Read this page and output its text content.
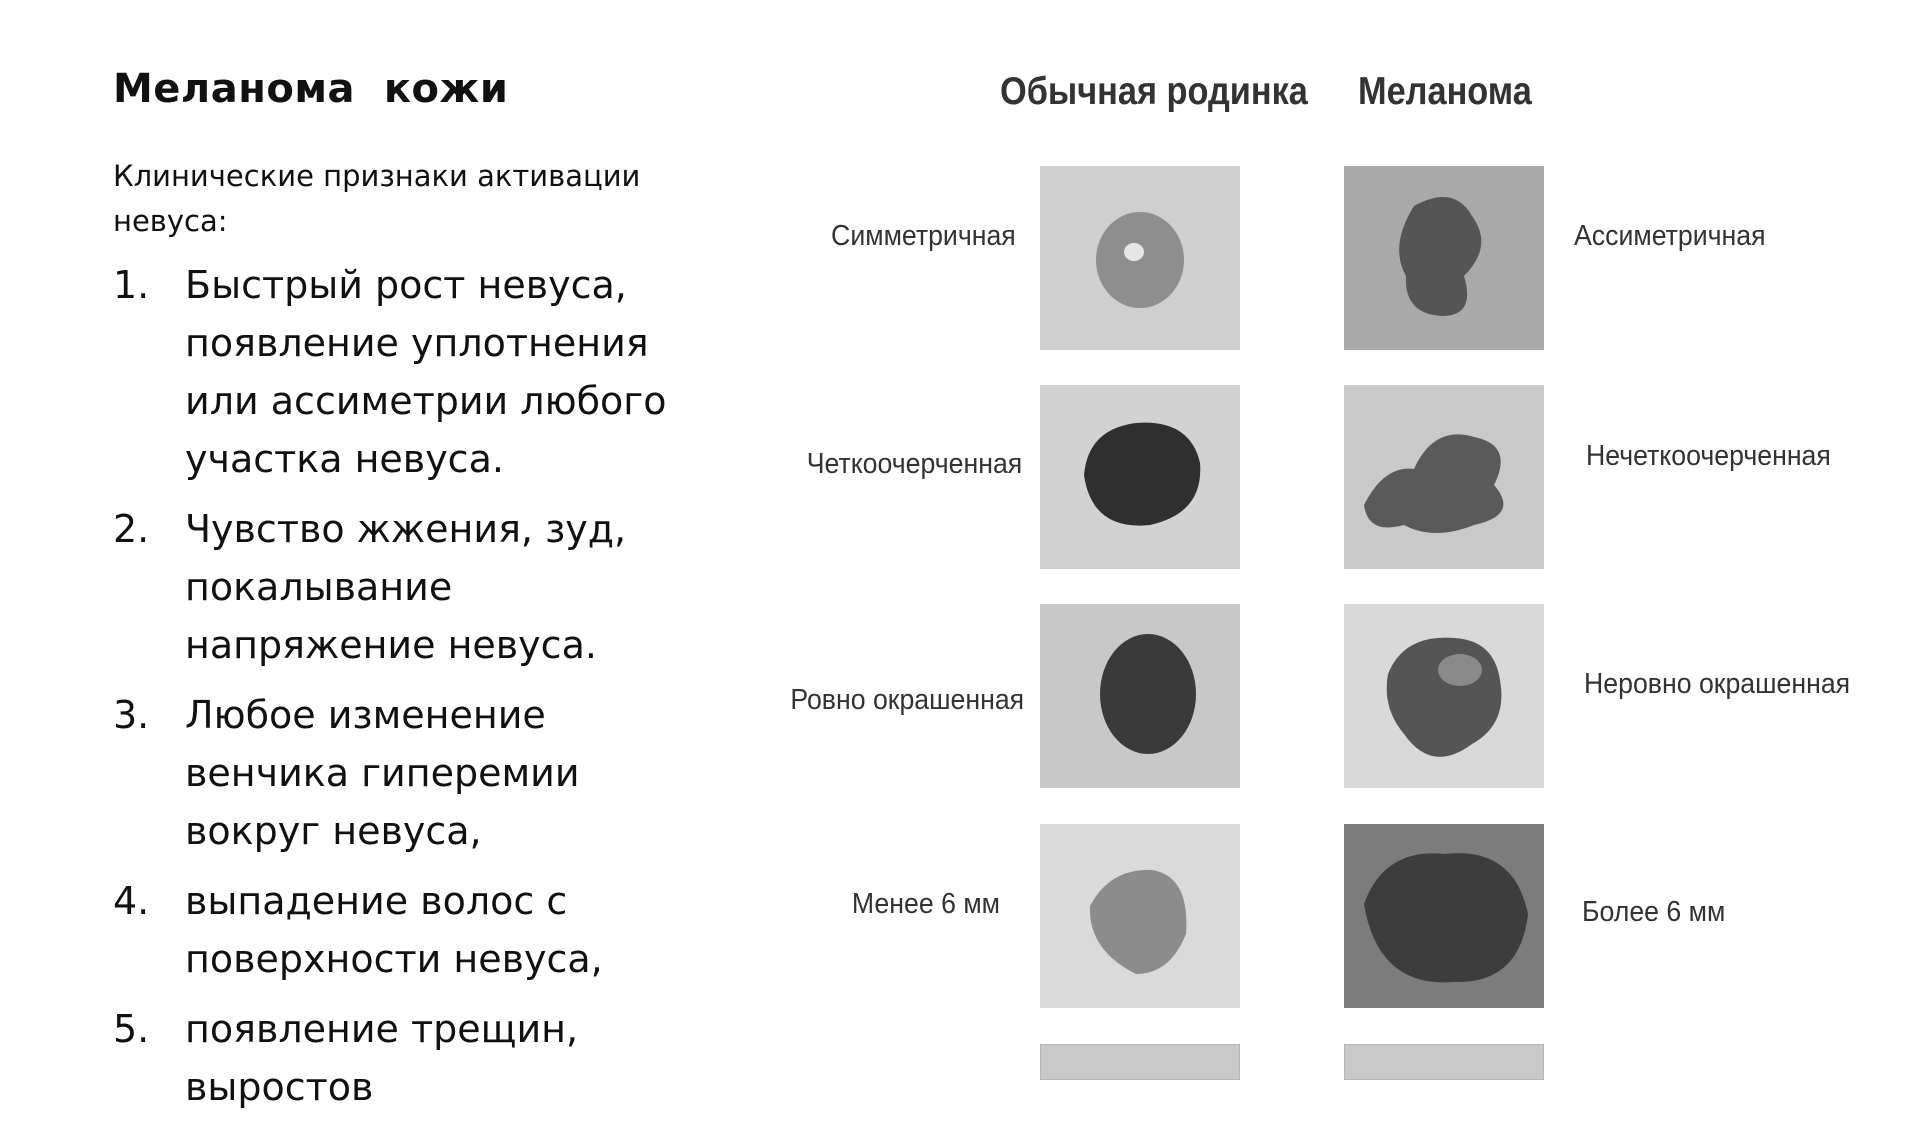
Меланома  кожи
Клинические признаки активации невуса:
1. Быстрый рост невуса, появление уплотнения или ассиметрии любого участка невуса.
2. Чувство жжения, зуд, покалывание напряжение невуса.
3. Любое изменение венчика гиперемии вокруг невуса,
4. выпадение волос с поверхности невуса,
5. появление трещин, выростов
Обычная родинка Меланома
Симметричная	Ассиметричная
Четкоочерченная	Нечеткоочерченная
Ровно окрашенная	Неровно окрашенная
Менее 6 мм	Более 6 мм
